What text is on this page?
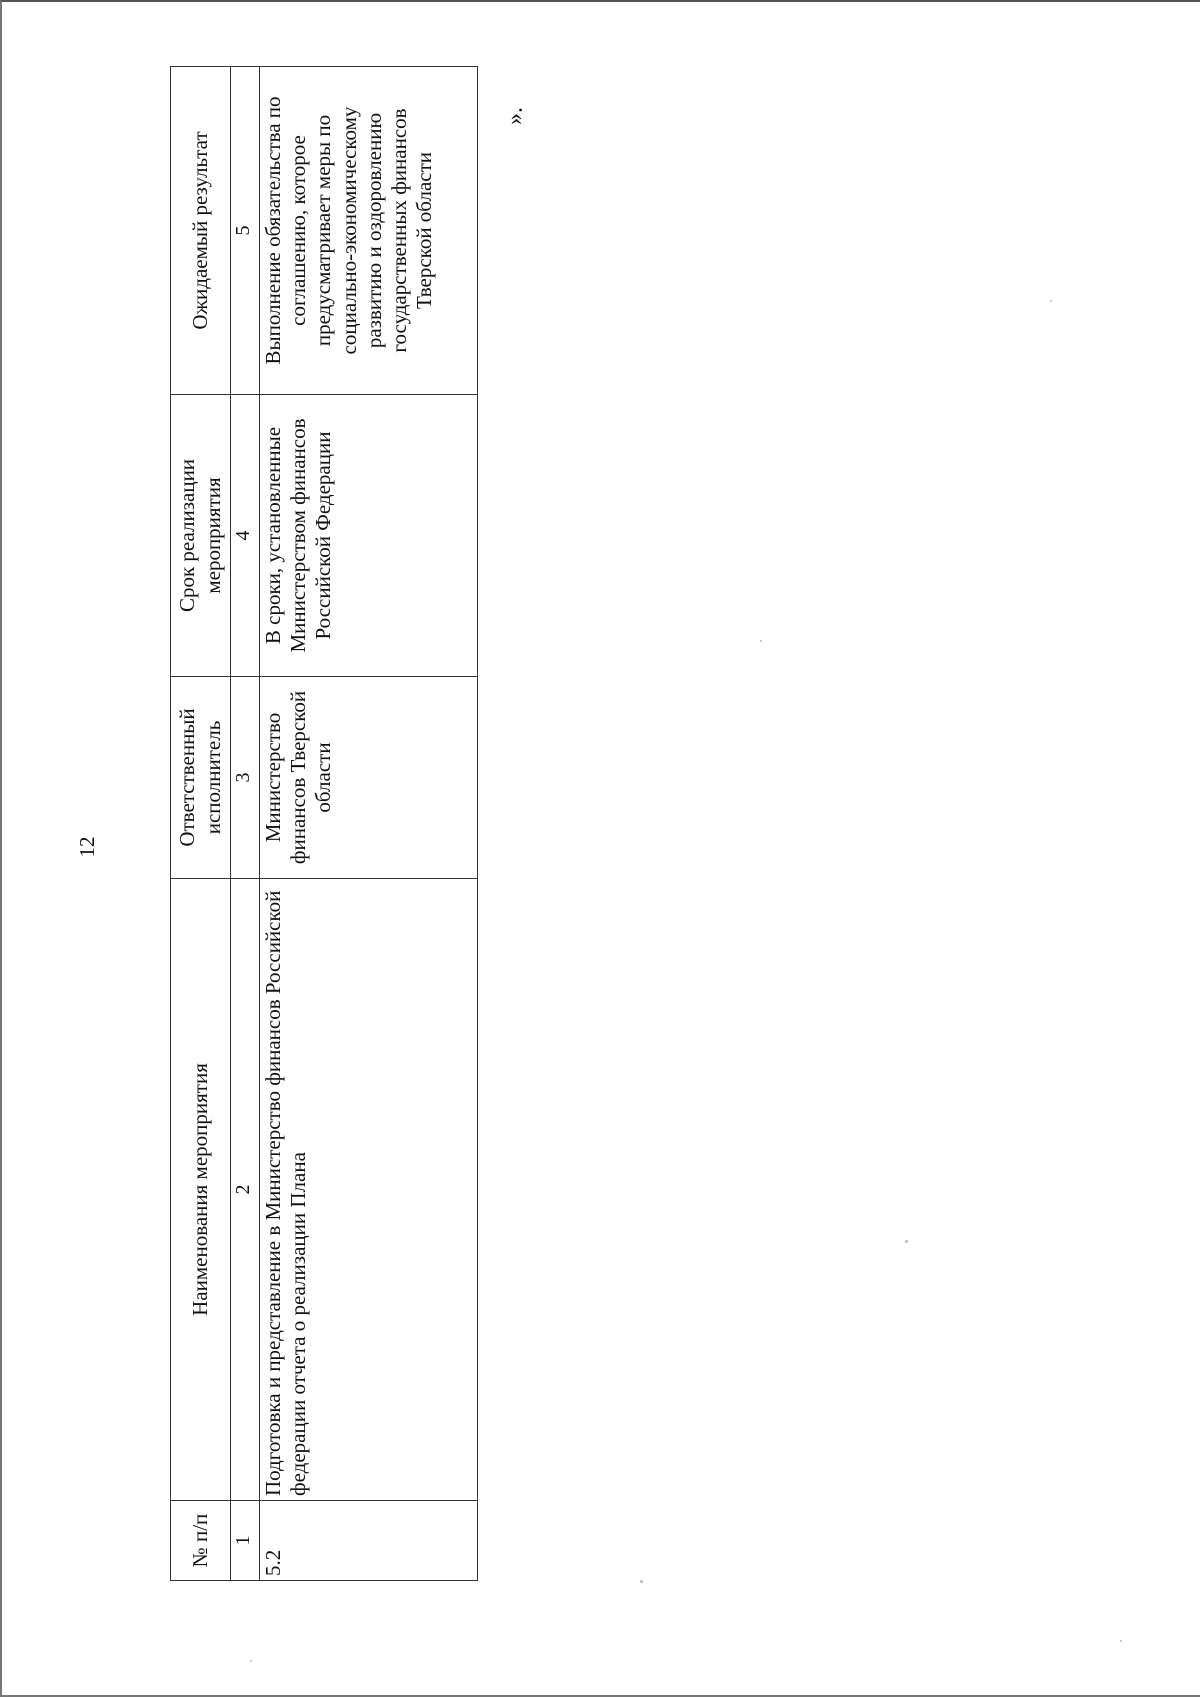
12
№ п/п	Наименования мероприятия	Ответственный исполнитель	Срок реализации мероприятия	Ожидаемый результат
1	2	3	4	5
5.2	Подготовка и представление в Министерство финансов Российской федерации отчета о реализации Плана	Министерство финансов Тверской области	В сроки, установленные Министерством финансов Российской Федерации	Выполнение обязательства по соглашению, которое предусматривает меры по социально-экономическому развитию и оздоровлению государственных финансов Тверской области
».
